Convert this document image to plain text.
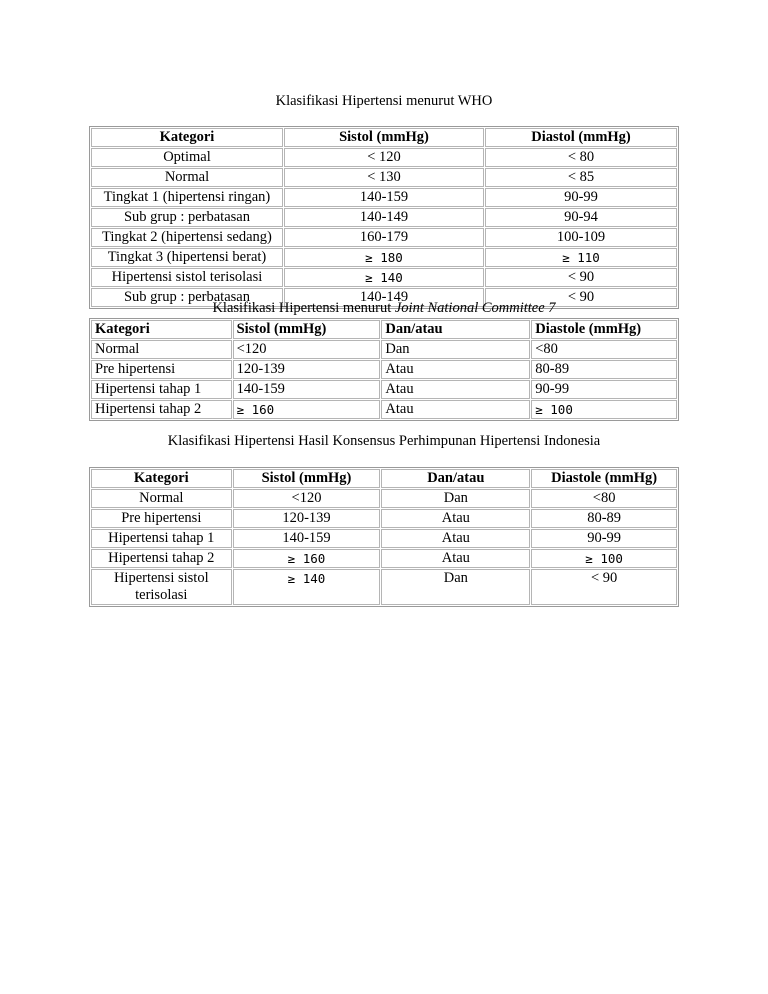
Klasifikasi Hipertensi menurut WHO
Kategori	Sistol (mmHg)	Diastol (mmHg)
Optimal	< 120	< 80
Normal	< 130	< 85
Tingkat 1 (hipertensi ringan)	140-159	90-99
Sub grup : perbatasan	140-149	90-94
Tingkat 2 (hipertensi sedang)	160-179	100-109
Tingkat 3 (hipertensi berat)	≥ 180	≥ 110
Hipertensi sistol terisolasi	≥ 140	< 90
Sub grup : perbatasan	140-149	< 90
Klasifikasi Hipertensi menurut Joint National Committee 7
Kategori	Sistol (mmHg)	Dan/atau	Diastole (mmHg)
Normal	<120	Dan	<80
Pre hipertensi	120-139	Atau	80-89
Hipertensi tahap 1	140-159	Atau	90-99
Hipertensi tahap 2	≥ 160	Atau	≥ 100
Klasifikasi Hipertensi Hasil Konsensus Perhimpunan Hipertensi Indonesia
Kategori	Sistol (mmHg)	Dan/atau	Diastole (mmHg)
Normal	<120	Dan	<80
Pre hipertensi	120-139	Atau	80-89
Hipertensi tahap 1	140-159	Atau	90-99
Hipertensi tahap 2	≥ 160	Atau	≥ 100
Hipertensi sistol terisolasi	≥ 140	Dan	< 90
